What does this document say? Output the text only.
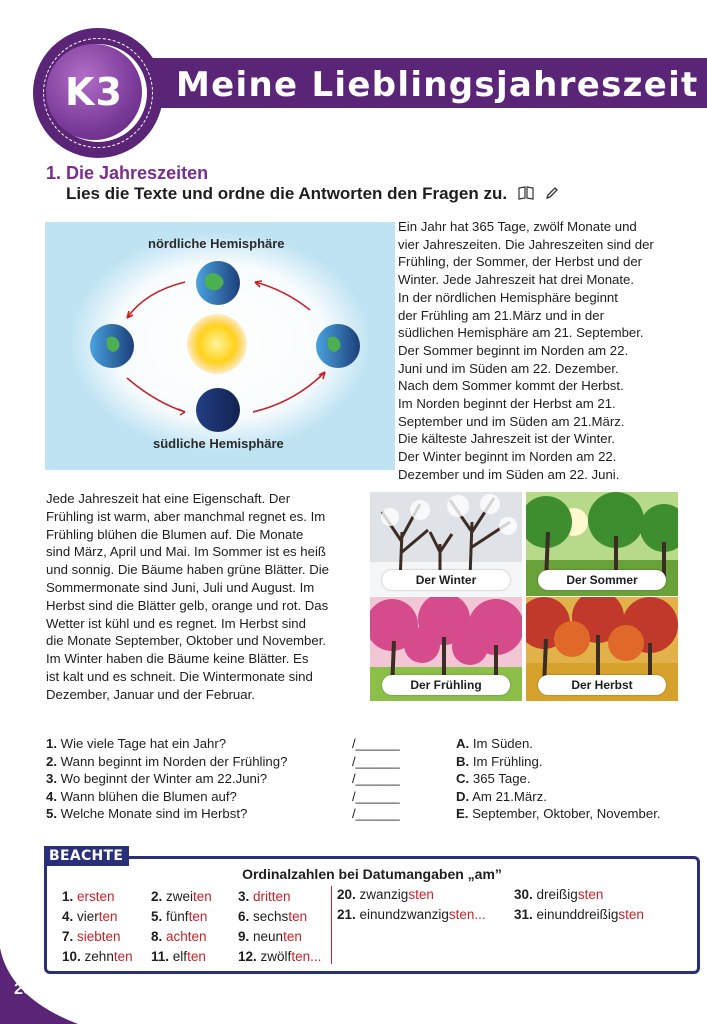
Meine Lieblingsjahreszeit
K3
1. Die Jahreszeiten
Lies die Texte und ordne die Antworten den Fragen zu.
nördliche Hemisphäre
südliche Hemisphäre
Ein Jahr hat 365 Tage, zwölf Monate und
vier Jahreszeiten. Die Jahreszeiten sind der
Frühling, der Sommer, der Herbst und der
Winter. Jede Jahreszeit hat drei Monate.
In der nördlichen Hemisphäre beginnt
der Frühling am 21.März und in der
südlichen Hemisphäre am 21. September.
Der Sommer beginnt im Norden am 22.
Juni und im Süden am 22. Dezember.
Nach dem Sommer kommt der Herbst.
Im Norden beginnt der Herbst am 21.
September und im Süden am 21.März.
Die kälteste Jahreszeit ist der Winter.
Der Winter beginnt im Norden am 22.
Dezember und im Süden am 22. Juni.
Jede Jahreszeit hat eine Eigenschaft. Der
Frühling ist warm, aber manchmal regnet es. Im
Frühling blühen die Blumen auf. Die Monate
sind März, April und Mai. Im Sommer ist es heiß
und sonnig. Die Bäume haben grüne Blätter. Die
Sommermonate sind Juni, Juli und August. Im
Herbst sind die Blätter gelb, orange und rot. Das
Wetter ist kühl und es regnet. Im Herbst sind
die Monate September, Oktober und November.
Im Winter haben die Bäume keine Blätter. Es
ist kalt und es schneit. Die Wintermonate sind
Dezember, Januar und der Februar.
Der Winter	Der Sommer
Der Frühling	Der Herbst
1. Wie viele Tage hat ein Jahr?
2. Wann beginnt im Norden der Frühling?
3. Wo beginnt der Winter am 22.Juni?
4. Wann blühen die Blumen auf?
5. Welche Monate sind im Herbst?
/______
/______
/______
/______
/______
A. Im Süden.
B. Im Frühling.
C. 365 Tage.
D. Am 21.März.
E. September, Oktober, November.
BEACHTE
Ordinalzahlen bei Datumangaben „am”
1. ersten
4. vierten
7. siebten
10. zehnten
2. zweiten
5. fünften
8. achten
11. elften
3. dritten
6. sechsten
9. neunten
12. zwölften...
20. zwanzigsten
21. einundzwanzigsten...
30. dreißigsten
31. einunddreißigsten
26
